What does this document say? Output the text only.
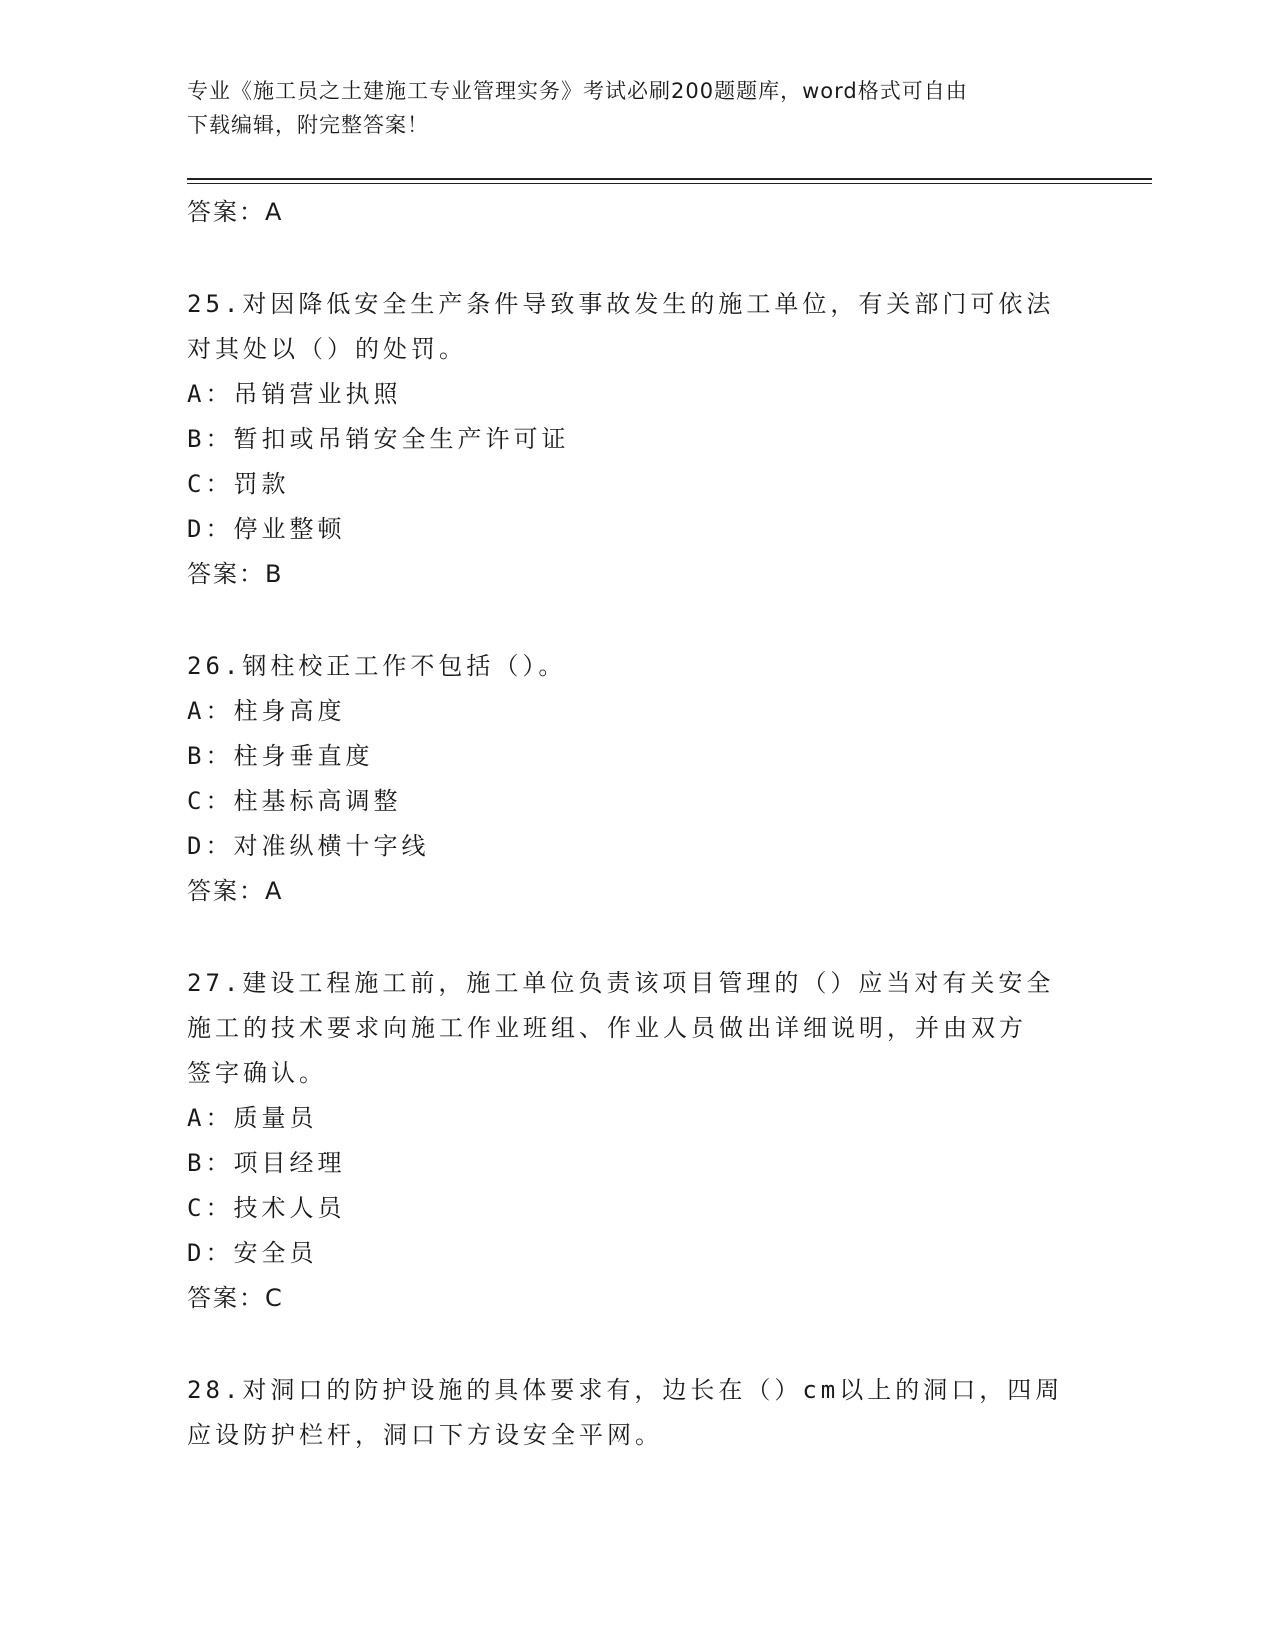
专业《施工员之土建施工专业管理实务》考试必刷200题题库，word格式可自由
下载编辑，附完整答案！
答案：A
25.对因降低安全生产条件导致事故发生的施工单位，有关部门可依法
对其处以（）的处罚。
A：吊销营业执照
B：暂扣或吊销安全生产许可证
C：罚款
D：停业整顿
答案：B
26.钢柱校正工作不包括（）。
A：柱身高度
B：柱身垂直度
C：柱基标高调整
D：对准纵横十字线
答案：A
27.建设工程施工前，施工单位负责该项目管理的（）应当对有关安全
施工的技术要求向施工作业班组、作业人员做出详细说明，并由双方
签字确认。
A：质量员
B：项目经理
C：技术人员
D：安全员
答案：C
28.对洞口的防护设施的具体要求有，边长在（）cm以上的洞口，四周
应设防护栏杆，洞口下方设安全平网。
